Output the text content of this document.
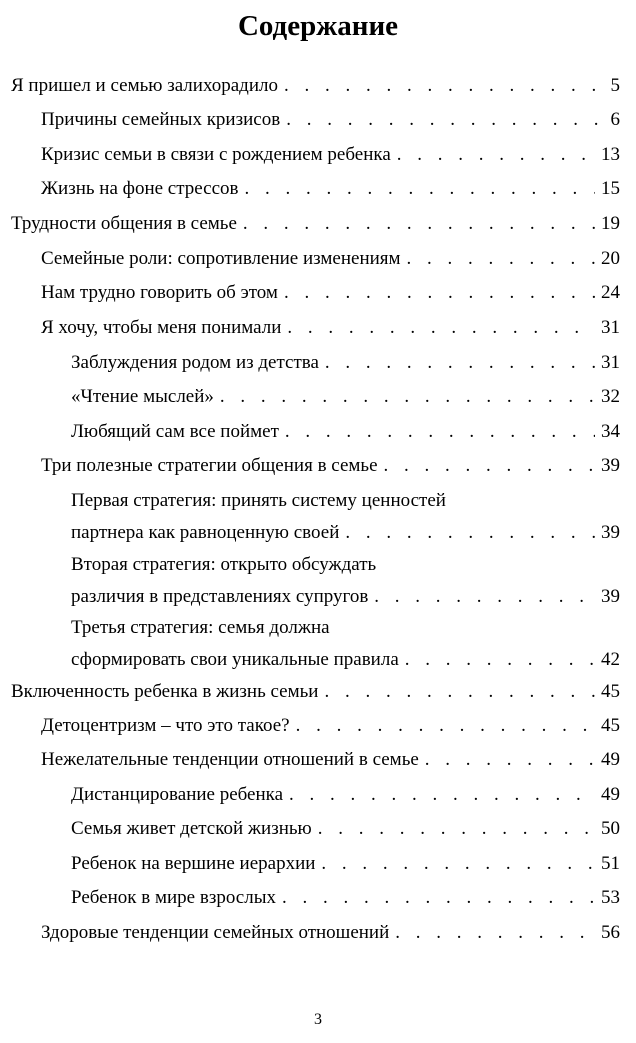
Содержание
Я пришел и семью залихорадило . . .	5
Причины семейных кризисов . . .	6
Кризис семьи в связи с рождением ребенка . . .	13
Жизнь на фоне стрессов . . .	15
Трудности общения в семье . . .	19
Семейные роли: сопротивление изменениям . . .	20
Нам трудно говорить об этом . . .	24
Я хочу, чтобы меня понимали . . .	31
Заблуждения родом из детства . . .	31
«Чтение мыслей» . . .	32
Любящий сам все поймет . . .	34
Три полезные стратегии общения в семье . . .	39
Первая стратегия: принять систему ценностей
партнера как равноценную своей . . .	39
Вторая стратегия: открыто обсуждать
различия в представлениях супругов . . .	39
Третья стратегия: семья должна
сформировать свои уникальные правила . . .	42
Включенность ребенка в жизнь семьи . . .	45
Детоцентризм – что это такое? . . .	45
Нежелательные тенденции отношений в семье . . .	49
Дистанцирование ребенка . . .	49
Семья живет детской жизнью . . .	50
Ребенок на вершине иерархии . . .	51
Ребенок в мире взрослых . . .	53
Здоровые тенденции семейных отношений . . .	56
3
